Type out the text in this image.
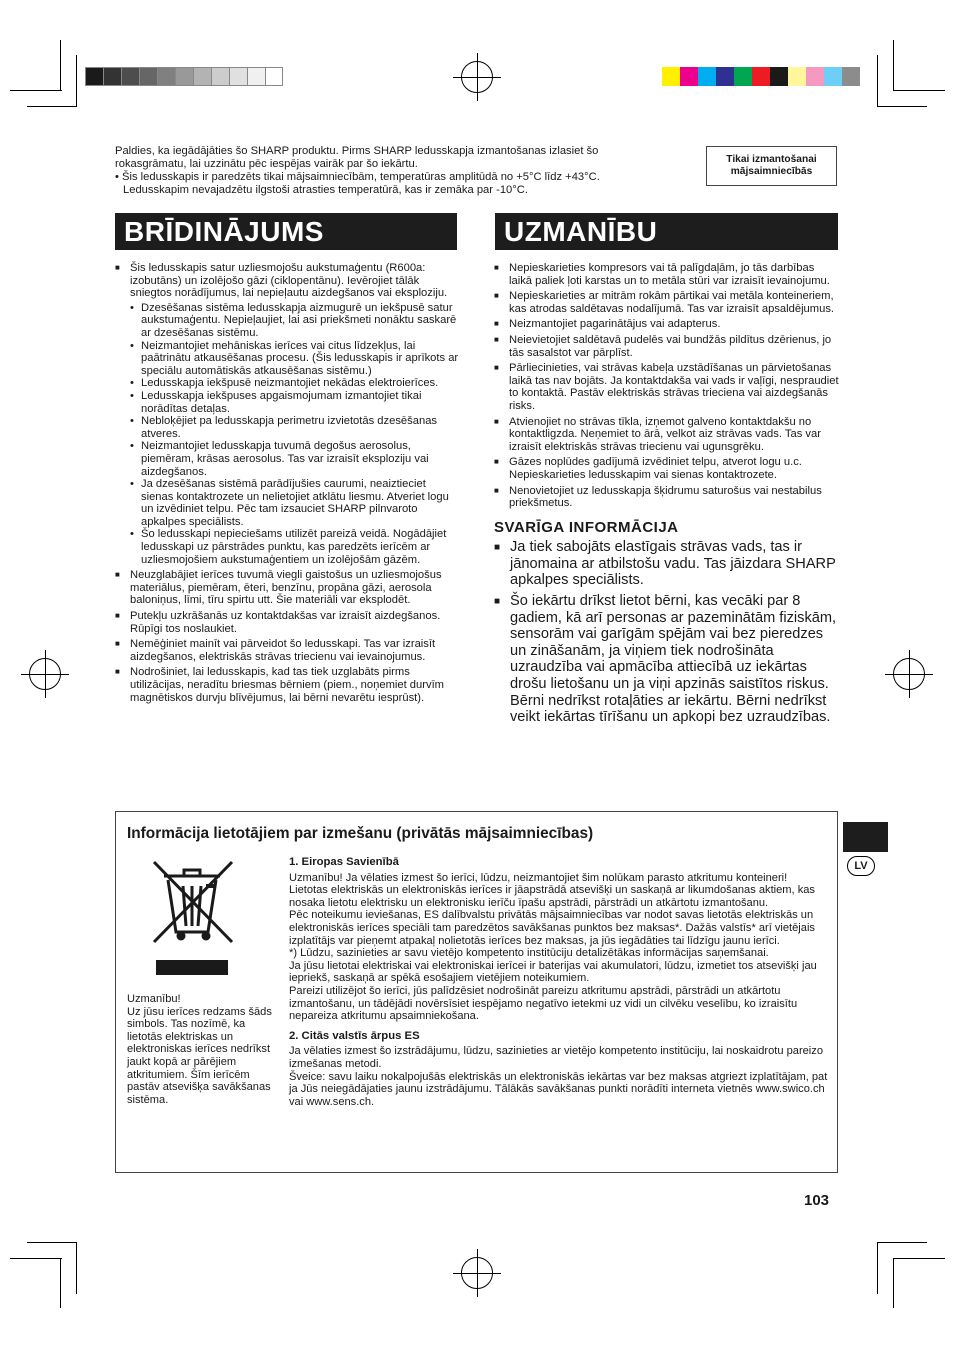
Paldies, ka iegādājāties šo SHARP produktu. Pirms SHARP ledusskapja izmantošanas izlasiet šo rokasgrāmatu, lai uzzinātu pēc iespējas vairāk par šo iekārtu.

• Šis ledusskapis ir paredzēts tikai mājsaimniecībām, temperatūras amplitūdā no +5°C līdz +43°C. Ledusskapim nevajadzētu ilgstoši atrasties temperatūrā, kas ir zemāka par -10°C.

Tikai izmantošanai
mājsaimniecībās
BRĪDINĀJUMS
■ Šis ledusskapis satur uzliesmojošu aukstumaģentu (R600a: izobutāns) un izolējošo gāzi (ciklopentānu). Ievērojiet tālāk sniegtos norādījumus, lai nepieļautu aizdegšanos vai eksploziju.
• Dzesēšanas sistēma ledusskapja aizmugurē un iekšpusē satur aukstumaģentu. Nepieļaujiet, lai asi priekšmeti nonāktu saskarē ar dzesēšanas sistēmu.
• Neizmantojiet mehāniskas ierīces vai citus līdzekļus, lai paātrinātu atkausēšanas procesu. (Šis ledusskapis ir aprīkots ar speciālu automātiskās atkausēšanas sistēmu.)
• Ledusskapja iekšpusē neizmantojiet nekādas elektroierīces.
• Ledusskapja iekšpuses apgaismojumam izmantojiet tikai norādītas detaļas.
• Nebloķējiet pa ledusskapja perimetru izvietotās dzesēšanas atveres.
• Neizmantojiet ledusskapja tuvumā degošus aerosolus, piemēram, krāsas aerosolus. Tas var izraisīt eksploziju vai aizdegšanos.
• Ja dzesēšanas sistēmā parādījušies caurumi, neaiztieciet sienas kontaktrozete un nelietojiet atklātu liesmu. Atveriet logu un izvēdiniet telpu. Pēc tam izsauciet SHARP pilnvaroto apkalpes speciālists.
• Šo ledusskapi nepieciešams utilizēt pareizā veidā. Nogādājiet ledusskapi uz pārstrādes punktu, kas paredzēts ierīcēm ar uzliesmojošiem aukstumaģentiem un izolējošām gāzēm.
■ Neuzglabājiet ierīces tuvumā viegli gaistošus un uzliesmojošus materiālus, piemēram, ēteri, benzīnu, propāna gāzi, aerosola baloniņus, līmi, tīru spirtu utt. Šie materiāli var eksplodēt.
■ Putekļu uzkrāšanās uz kontaktdakšas var izraisīt aizdegšanos. Rūpīgi tos noslaukiet.
■ Nemēģiniet mainīt vai pārveidot šo ledusskapi. Tas var izraisīt aizdegšanos, elektriskās strāvas triecienu vai ievainojumus.
■ Nodrošiniet, lai ledusskapis, kad tas tiek uzglabāts pirms utilizācijas, neradītu briesmas bērniem (piem., noņemiet durvīm magnētiskos durvju blīvējumus, lai bērni nevarētu iesprūst).
UZMANĪBU
■ Nepieskarieties kompresors vai tā palīgdaļām, jo tās darbības laikā paliek ļoti karstas un to metāla stūri var izraisīt ievainojumu.
■ Nepieskarieties ar mitrām rokām pārtikai vai metāla konteineriem, kas atrodas saldētavas nodalījumā. Tas var izraisīt apsaldējumus.
■ Neizmantojiet pagarinātājus vai adapterus.
■ Neievietojiet saldētavā pudelēs vai bundžās pildītus dzērienus, jo tās sasalstot var pārplīst.
■ Pārliecinieties, vai strāvas kabeļa uzstādīšanas un pārvietošanas laikā tas nav bojāts. Ja kontaktdakša vai vads ir vaļīgi, nespraudiet to kontaktā. Pastāv elektriskās strāvas trieciena vai aizdegšanās risks.
■ Atvienojiet no strāvas tīkla, izņemot galveno kontaktdakšu no kontaktligzda. Neņemiet to ārā, velkot aiz strāvas vads. Tas var izraisīt elektriskās strāvas triecienu vai ugunsgrēku.
■ Gāzes noplūdes gadījumā izvēdiniet telpu, atverot logu u.c. Nepieskarieties ledusskapim vai sienas kontaktrozete.
■ Nenovietojiet uz ledusskapja šķidrumu saturošus vai nestabilus priekšmetus.
SVARĪGA INFORMĀCIJA
■ Ja tiek sabojāts elastīgais strāvas vads, tas ir jānomaina ar atbilstošu vadu. Tas jāizdara SHARP apkalpes speciālists.
■ Šo iekārtu drīkst lietot bērni, kas vecāki par 8 gadiem, kā arī personas ar pazeminātām fiziskām, sensorām vai garīgām spējām vai bez pieredzes un zināšanām, ja viņiem tiek nodrošināta uzraudzība vai apmācība attiecībā uz iekārtas drošu lietošanu un ja viņi apzinās saistītos riskus. Bērni nedrīkst rotaļāties ar iekārtu. Bērni nedrīkst veikt iekārtas tīrīšanu un apkopi bez uzraudzības.
Informācija lietotājiem par izmešanu (privātās mājsaimniecības)
Uzmanību!
Uz jūsu ierīces redzams šāds simbols. Tas nozīmē, ka lietotās elektriskas un elektroniskas ierīces nedrīkst jaukt kopā ar pārējiem atkritumiem. Šīm ierīcēm pastāv atsevišķa savākšanas sistēma.
1. Eiropas Savienībā

Uzmanību! Ja vēlaties izmest šo ierīci, lūdzu, neizmantojiet šim nolūkam parasto atkritumu konteineri!
Lietotas elektriskās un elektroniskās ierīces ir jāapstrādā atsevišķi un saskaņā ar likumdošanas aktiem, kas nosaka lietotu elektrisku un elektronisku ierīču īpašu apstrādi, pārstrādi un atkārtotu izmantošanu.
Pēc noteikumu ieviešanas, ES dalībvalstu privātās mājsaimniecības var nodot savas lietotās elektriskās un elektroniskās ierīces speciāli tam paredzētos savākšanas punktos bez maksas*. Dažās valstīs* arī vietējais izplatītājs var pieņemt atpakaļ nolietotās ierīces bez maksas, ja jūs iegādāties tai līdzīgu jaunu ierīci.
*) Lūdzu, sazinieties ar savu vietējo kompetento institūciju detalizētākas informācijas saņemšanai.
Ja jūsu lietotai elektriskai vai elektroniskai ierīcei ir baterijas vai akumulatori, lūdzu, izmetiet tos atsevišķi jau iepriekš, saskaņā ar spēkā esošajiem vietējiem noteikumiem.
Pareizi utilizējot šo ierīci, jūs palīdzēsiet nodrošināt pareizu atkritumu apstrādi, pārstrādi un atkārtotu izmantošanu, un tādējādi novērsīsiet iespējamo negatīvo ietekmi uz vidi un cilvēku veselību, ko izraisītu nepareiza atkritumu apsaimniekošana.

2. Citās valstīs ārpus ES

Ja vēlaties izmest šo izstrādājumu, lūdzu, sazinieties ar vietējo kompetento institūciju, lai noskaidrotu pareizo izmešanas metodi.
Šveice: savu laiku nokalpojušās elektriskās un elektroniskās iekārtas var bez maksas atgriezt izplatītājam, pat ja Jūs neiegādājaties jaunu izstrādājumu. Tālākās savākšanas punkti norādīti interneta vietnēs www.swico.ch vai www.sens.ch.

LV
103
